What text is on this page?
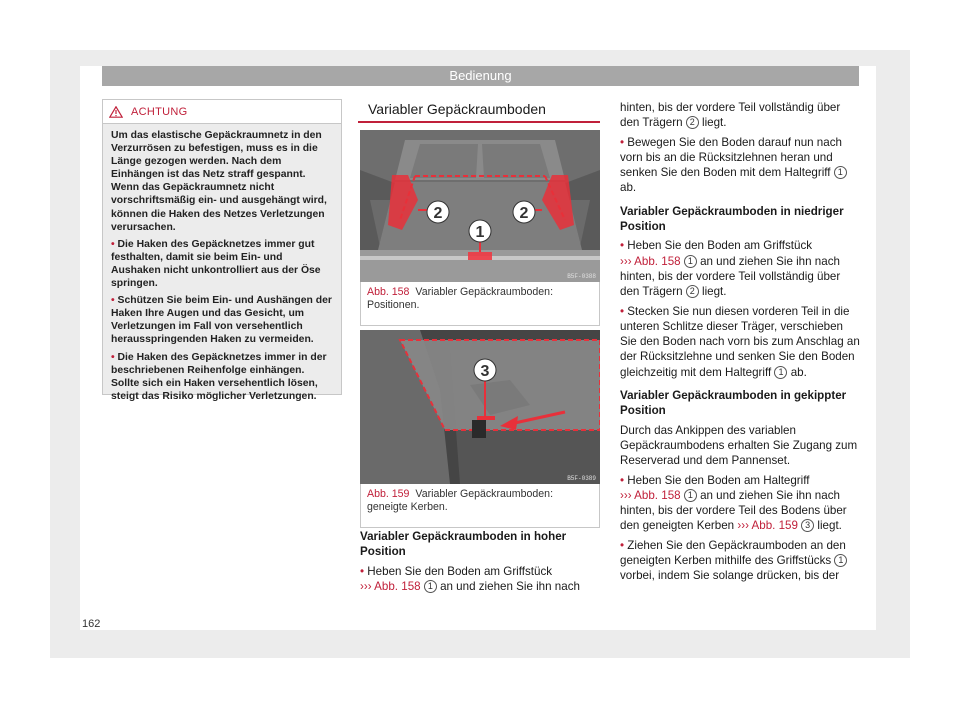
Bedienung
ACHTUNG

Um das elastische Gepäckraumnetz in den Verzurrösen zu befestigen, muss es in die Länge gezogen werden. Nach dem Einhängen ist das Netz straff gespannt. Wenn das Gepäckraumnetz nicht vorschriftsmäßig ein- und ausgehängt wird, können die Haken des Netzes Verletzungen verursachen.

• Die Haken des Gepäcknetzes immer gut festhalten, damit sie beim Ein- und Aushaken nicht unkontrolliert aus der Öse springen.

• Schützen Sie beim Ein- und Aushängen der Haken Ihre Augen und das Gesicht, um Verletzungen im Fall von versehentlich herausspringenden Haken zu vermeiden.

• Die Haken des Gepäcknetzes immer in der beschriebenen Reihenfolge einhängen. Sollte sich ein Haken versehentlich lösen, steigt das Risiko möglicher Verletzungen.

Variabler Gepäckraumboden
2	2
1
B5F-0388
Abb. 158 Variabler Gepäckraumboden: Positionen.
3
B5F-0389
Abb. 159 Variabler Gepäckraumboden: geneigte Kerben.

Variabler Gepäckraumboden in hoher Position

• Heben Sie den Boden am Griffstück
››› Abb. 158 1 an und ziehen Sie ihn nach

hinten, bis der vordere Teil vollständig über den Trägern 2 liegt.

• Bewegen Sie den Boden darauf nun nach vorn bis an die Rücksitzlehnen heran und senken Sie den Boden mit dem Haltegriff 1 ab.

Variabler Gepäckraumboden in niedriger Position

• Heben Sie den Boden am Griffstück
››› Abb. 158 1 an und ziehen Sie ihn nach hinten, bis der vordere Teil vollständig über den Trägern 2 liegt.

• Stecken Sie nun diesen vorderen Teil in die unteren Schlitze dieser Träger, verschieben Sie den Boden nach vorn bis zum Anschlag an der Rücksitzlehne und senken Sie den Boden gleichzeitig mit dem Haltegriff 1 ab.

Variabler Gepäckraumboden in gekippter Position

Durch das Ankippen des variablen Gepäckraumbodens erhalten Sie Zugang zum Reserverad und dem Pannenset.

• Heben Sie den Boden am Haltegriff
››› Abb. 158 1 an und ziehen Sie ihn nach hinten, bis der vordere Teil des Bodens über den geneigten Kerben ››› Abb. 159 3 liegt.

• Ziehen Sie den Gepäckraumboden an den geneigten Kerben mithilfe des Griffstücks 1 vorbei, indem Sie solange drücken, bis der

162
